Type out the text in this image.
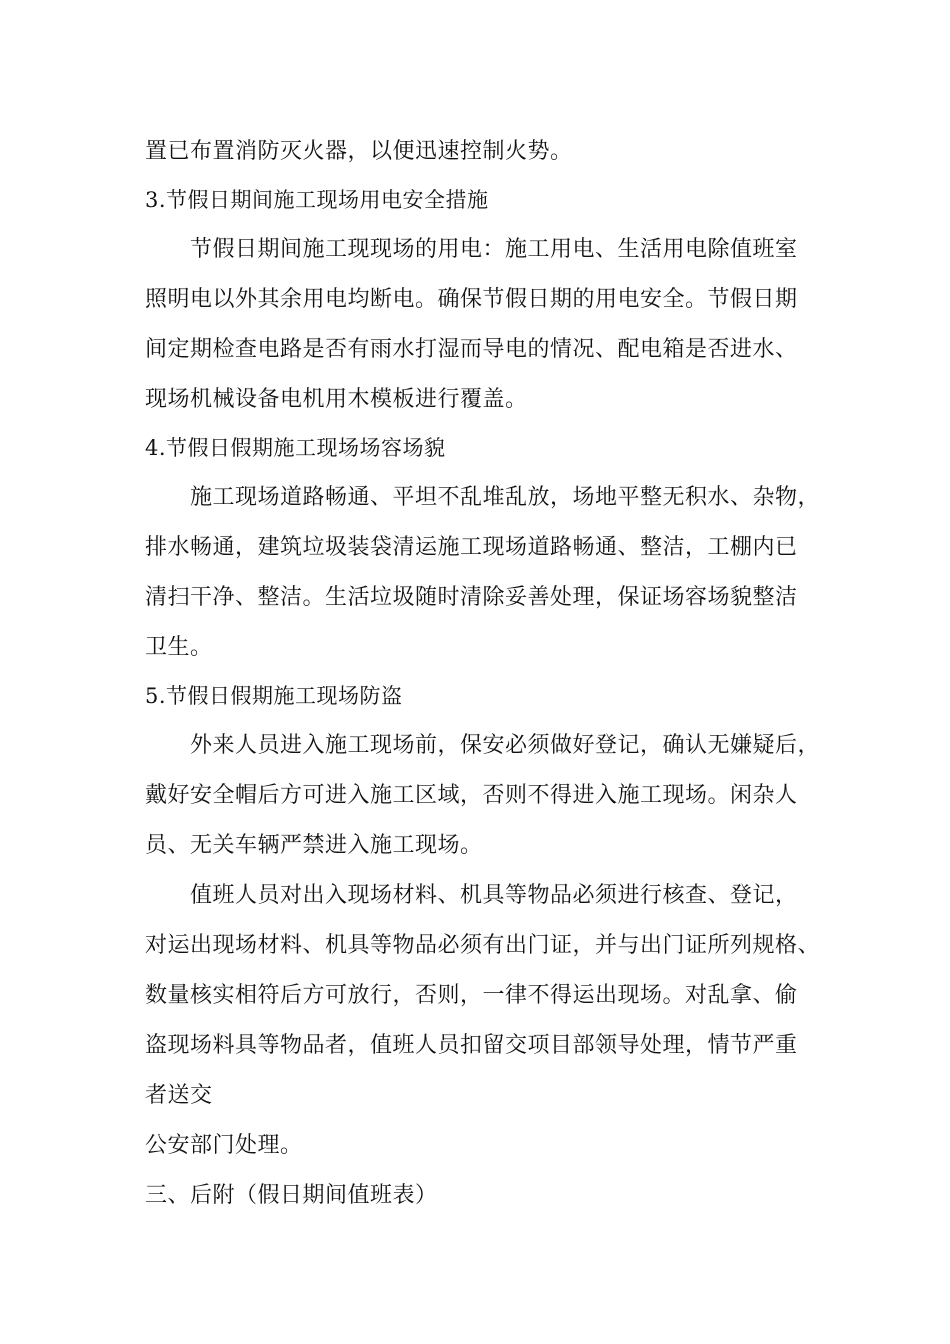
置已布置消防灭火器，以便迅速控制火势。
3.节假日期间施工现场用电安全措施
节假日期间施工现现场的用电：施工用电、生活用电除值班室
照明电以外其余用电均断电。确保节假日期的用电安全。节假日期
间定期检查电路是否有雨水打湿而导电的情况、配电箱是否进水、
现场机械设备电机用木模板进行覆盖。
4.节假日假期施工现场场容场貌
施工现场道路畅通、平坦不乱堆乱放，场地平整无积水、杂物，
排水畅通，建筑垃圾装袋清运施工现场道路畅通、整洁，工棚内已
清扫干净、整洁。生活垃圾随时清除妥善处理，保证场容场貌整洁
卫生。
5.节假日假期施工现场防盗
外来人员进入施工现场前，保安必须做好登记，确认无嫌疑后，
戴好安全帽后方可进入施工区域，否则不得进入施工现场。闲杂人
员、无关车辆严禁进入施工现场。
值班人员对出入现场材料、机具等物品必须进行核查、登记，
对运出现场材料、机具等物品必须有出门证，并与出门证所列规格、
数量核实相符后方可放行，否则，一律不得运出现场。对乱拿、偷
盗现场料具等物品者，值班人员扣留交项目部领导处理，情节严重
者送交
公安部门处理。
三、后附（假日期间值班表）
